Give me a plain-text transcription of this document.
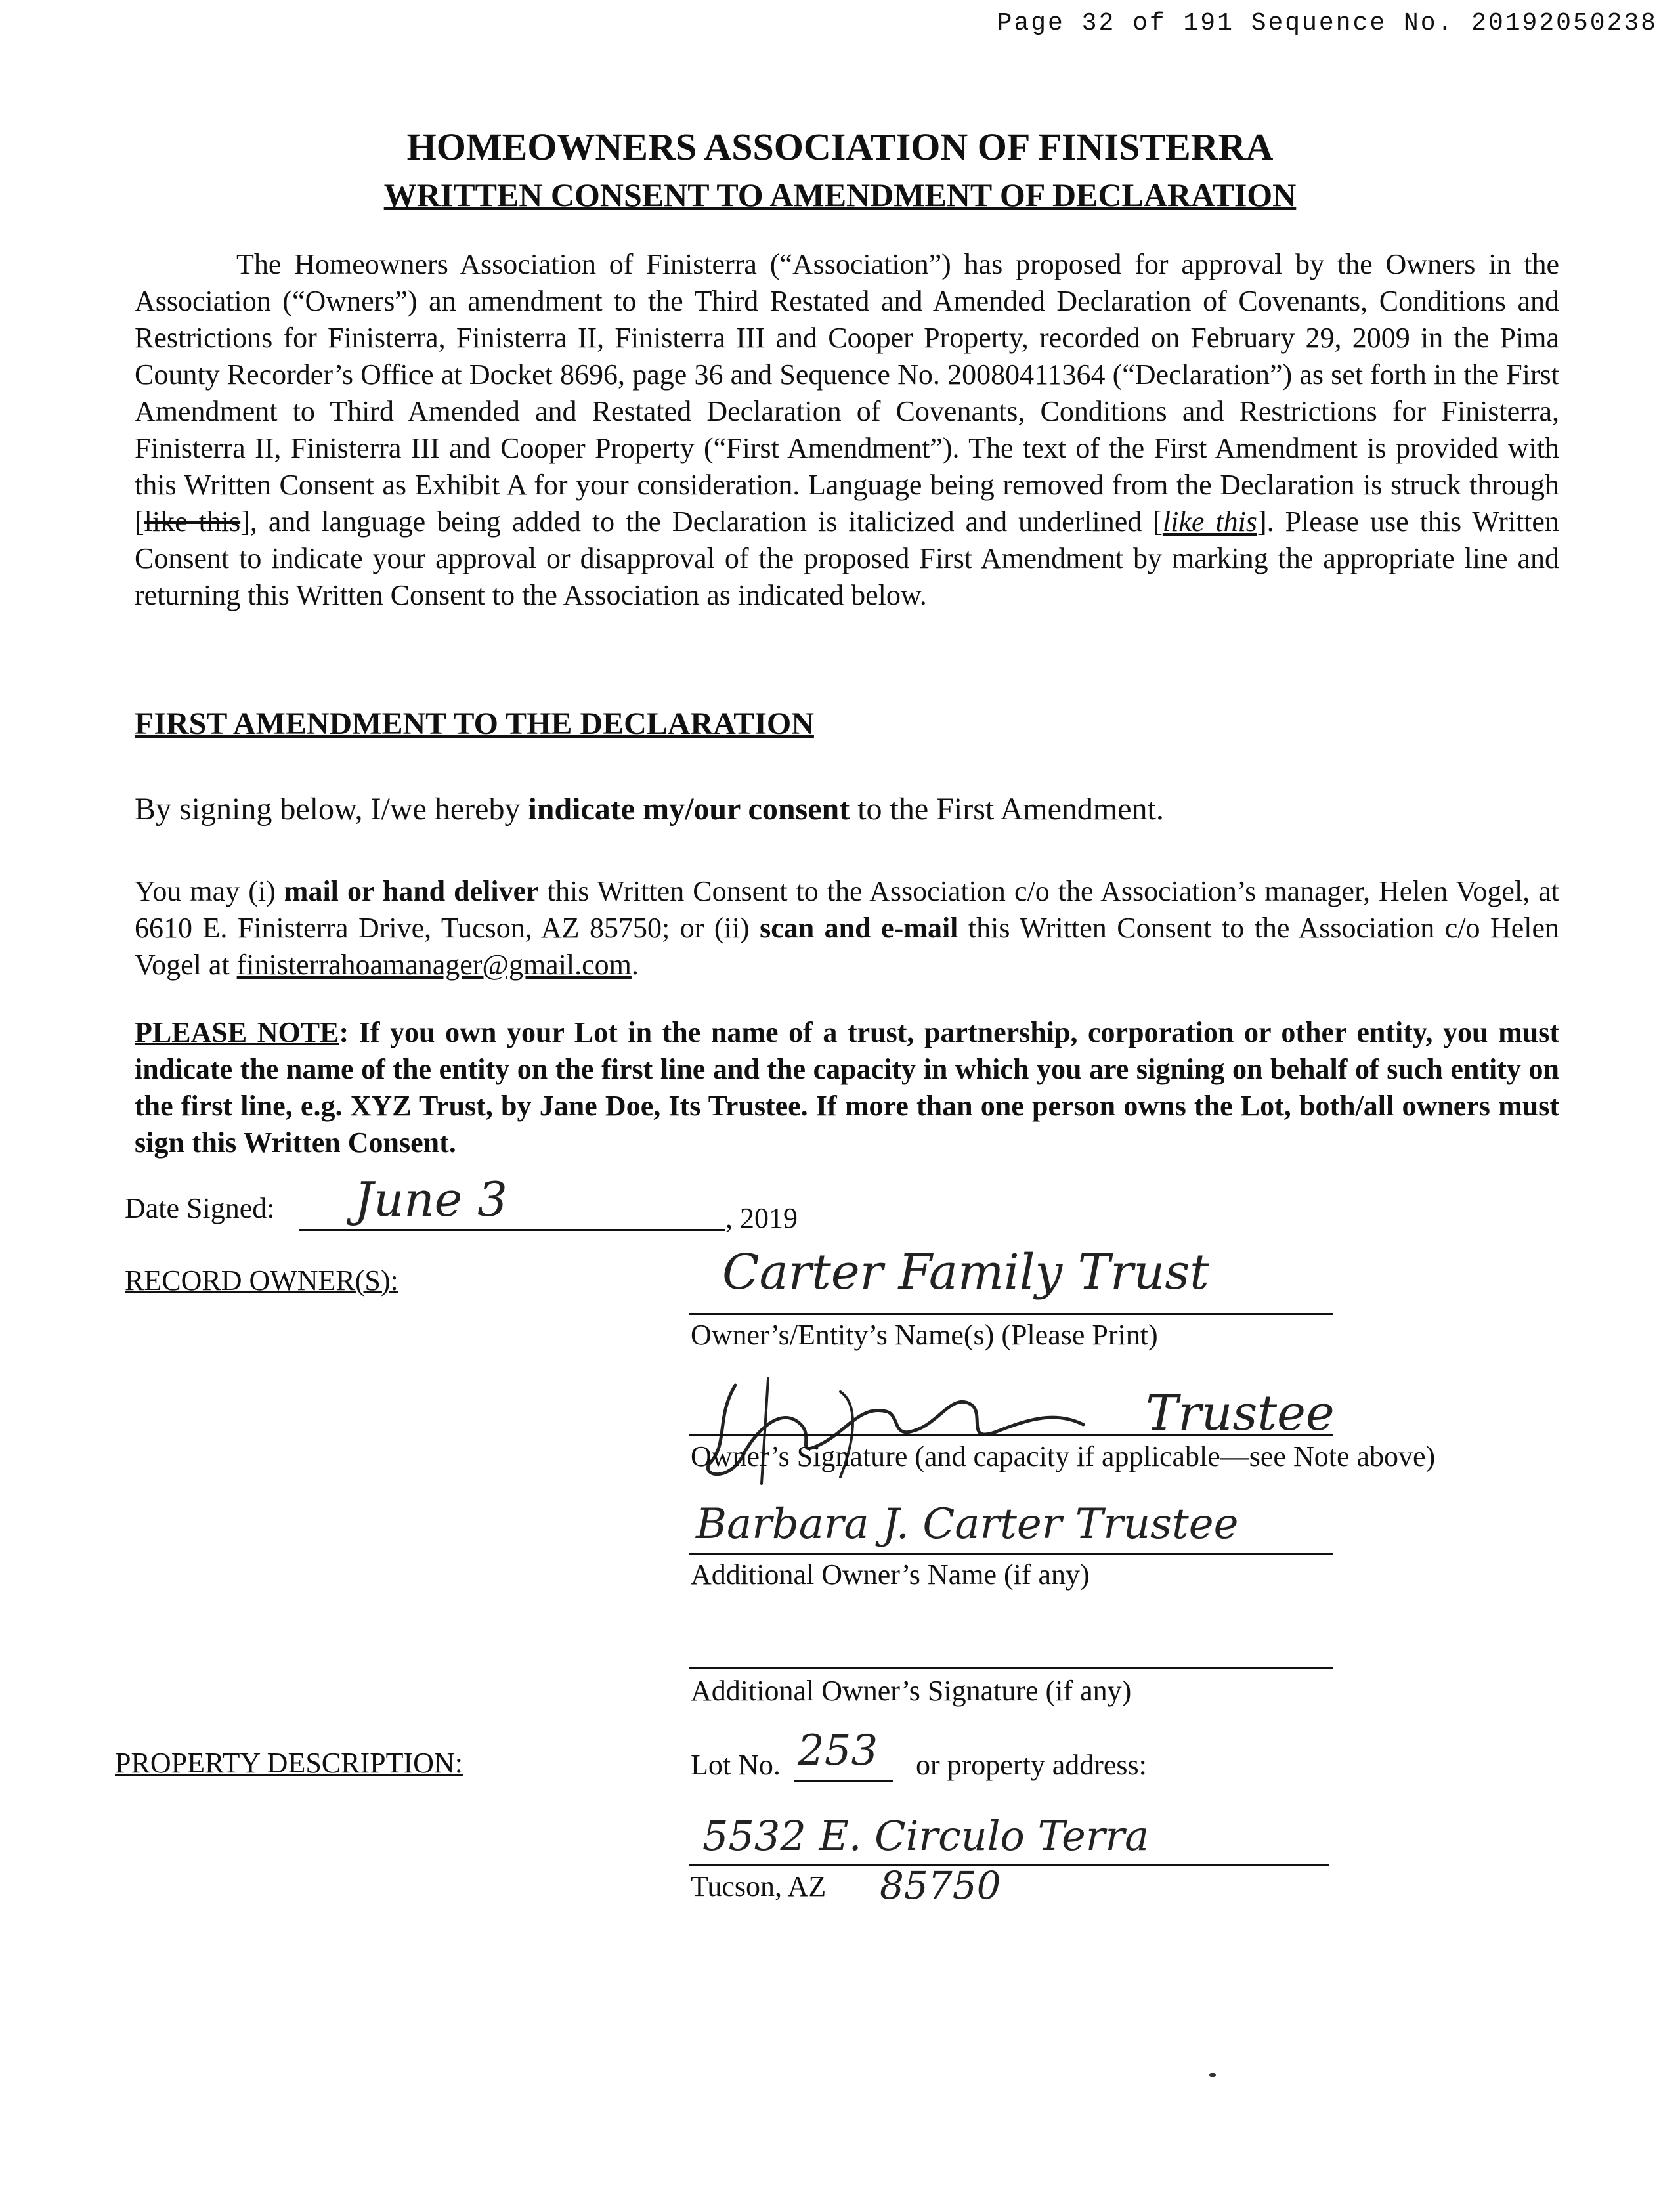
Page 32 of 191 Sequence No. 20192050238
HOMEOWNERS ASSOCIATION OF FINISTERRA
WRITTEN CONSENT TO AMENDMENT OF DECLARATION
The Homeowners Association of Finisterra (“Association”) has proposed for approval by the Owners in the Association (“Owners”) an amendment to the Third Restated and Amended Declaration of Covenants, Conditions and Restrictions for Finisterra, Finisterra II, Finisterra III and Cooper Property, recorded on February 29, 2009 in the Pima County Recorder’s Office at Docket 8696, page 36 and Sequence No. 20080411364 (“Declaration”) as set forth in the First Amendment to Third Amended and Restated Declaration of Covenants, Conditions and Restrictions for Finisterra, Finisterra II, Finisterra III and Cooper Property (“First Amendment”). The text of the First Amendment is provided with this Written Consent as Exhibit A for your consideration. Language being removed from the Declaration is struck through [like this], and language being added to the Declaration is italicized and underlined [like this]. Please use this Written Consent to indicate your approval or disapproval of the proposed First Amendment by marking the appropriate line and returning this Written Consent to the Association as indicated below.
FIRST AMENDMENT TO THE DECLARATION
By signing below, I/we hereby indicate my/our consent to the First Amendment.
You may (i) mail or hand deliver this Written Consent to the Association c/o the Association’s manager, Helen Vogel, at 6610 E. Finisterra Drive, Tucson, AZ 85750; or (ii) scan and e-mail this Written Consent to the Association c/o Helen Vogel at finisterrahoamanager@gmail.com.
PLEASE NOTE: If you own your Lot in the name of a trust, partnership, corporation or other entity, you must indicate the name of the entity on the first line and the capacity in which you are signing on behalf of such entity on the first line, e.g. XYZ Trust, by Jane Doe, Its Trustee. If more than one person owns the Lot, both/all owners must sign this Written Consent.
Date Signed: June 3	, 2019
RECORD OWNER(S):	Carter Family Trust
Owner’s/Entity’s Name(s) (Please Print)
Trustee
Owner’s Signature (and capacity if applicable—see Note above)
Barbara J. Carter Trustee
Additional Owner’s Name (if any)
Additional Owner’s Signature (if any)
PROPERTY DESCRIPTION:	Lot No. 253 or property address:
5532 E. Circulo Terra
Tucson, AZ 85750
